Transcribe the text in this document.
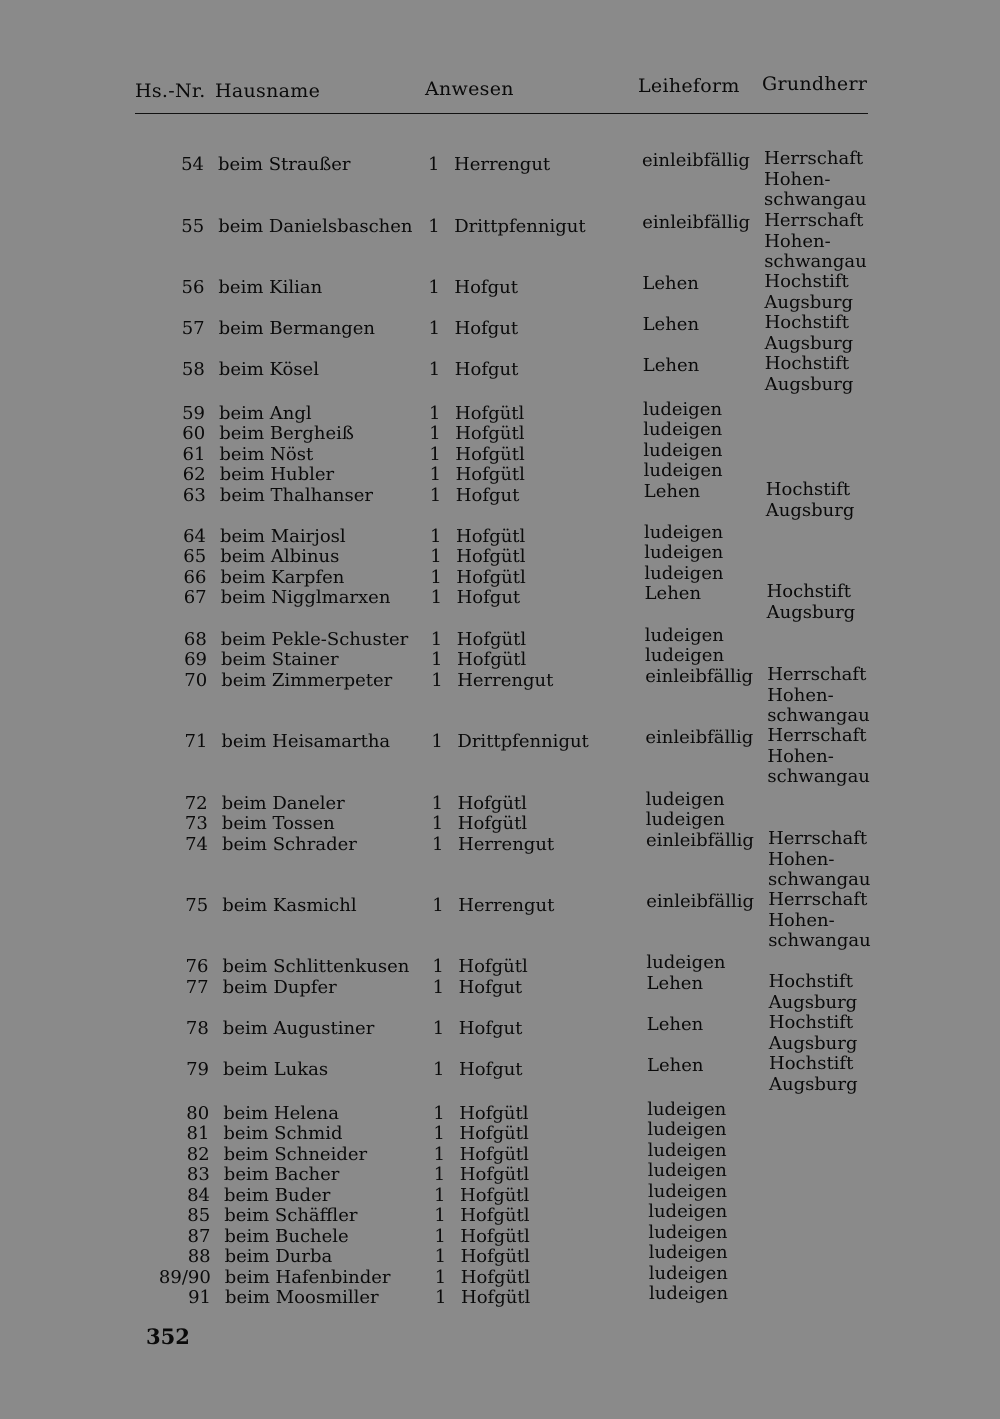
Hs.-Nr. Hausname	Anwesen	Leiheform Grundherr
54 beim Straußer	1 Herrengut	einleibfällig Herrschaft
Hohen-
schwangau
55 beim Danielsbaschen 1 Drittpfennigut	einleibfällig Herrschaft
Hohen-
schwangau
56 beim Kilian	1 Hofgut	Lehen	Hochstift
Augsburg
57 beim Bermangen	1 Hofgut	Lehen	Hochstift
Augsburg
58 beim Kösel	1 Hofgut	Lehen	Hochstift
Augsburg
59 beim Angl	1 Hofgütl	ludeigen
60 beim Bergheiß	1 Hofgütl	ludeigen
61 beim Nöst	1 Hofgütl	ludeigen
62 beim Hubler	1 Hofgütl	ludeigen
63 beim Thalhanser	1 Hofgut	Lehen	Hochstift
Augsburg
64 beim Mairjosl	1 Hofgütl	ludeigen
65 beim Albinus	1 Hofgütl	ludeigen
66 beim Karpfen	1 Hofgütl	ludeigen
67 beim Nigglmarxen 1 Hofgut	Lehen	Hochstift
Augsburg
68 beim Pekle-Schuster 1 Hofgütl	ludeigen
69 beim Stainer	1 Hofgütl	ludeigen
70 beim Zimmerpeter 1 Herrengut	einleibfällig Herrschaft
Hohen-
schwangau
71 beim Heisamartha 1 Drittpfennigut	einleibfällig Herrschaft
Hohen-
schwangau
72 beim Daneler	1 Hofgütl	ludeigen
73 beim Tossen	1 Hofgütl	ludeigen
74 beim Schrader	1 Herrengut	einleibfällig Herrschaft
Hohen-
schwangau
75 beim Kasmichl	1 Herrengut	einleibfällig Herrschaft
Hohen-
schwangau
76 beim Schlittenkusen 1 Hofgütl	ludeigen
77 beim Dupfer	1 Hofgut	Lehen	Hochstift
Augsburg
78 beim Augustiner	1 Hofgut	Lehen	Hochstift
Augsburg
79 beim Lukas	1 Hofgut	Lehen	Hochstift
Augsburg
80 beim Helena	1 Hofgütl	ludeigen
81 beim Schmid	1 Hofgütl	ludeigen
82 beim Schneider	1 Hofgütl	ludeigen
83 beim Bacher	1 Hofgütl	ludeigen
84 beim Buder	1 Hofgütl	ludeigen
85 beim Schäffler	1 Hofgütl	ludeigen
87 beim Buchele	1 Hofgütl	ludeigen
88 beim Durba	1 Hofgütl	ludeigen
89/90 beim Hafenbinder 1 Hofgütl	ludeigen
91 beim Moosmiller	1 Hofgütl	ludeigen
352
